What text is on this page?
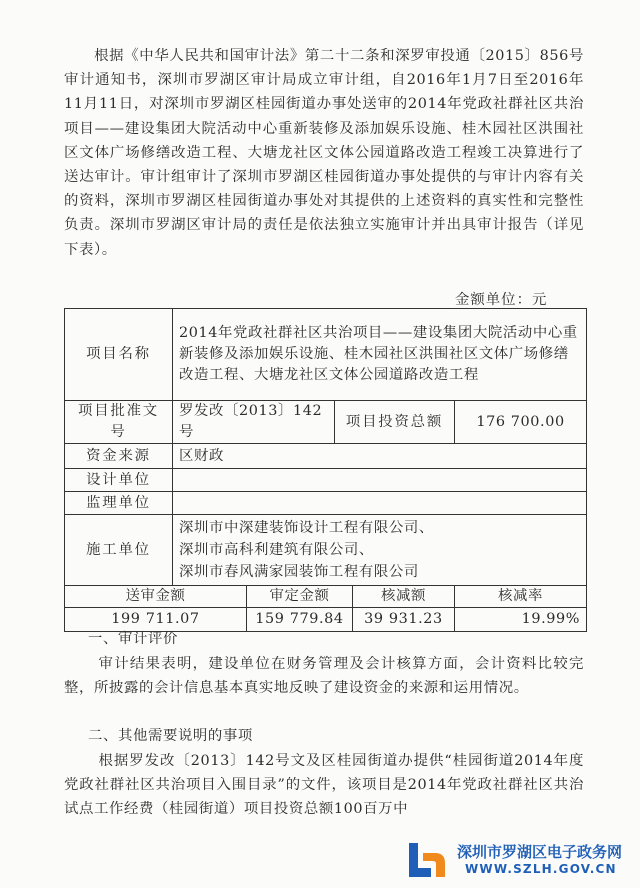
　　根据《中华人民共和国审计法》第二十二条和深罗审投通〔2015〕856号审计通知书，深圳市罗湖区审计局成立审计组，自2016年1月7日至2016年11月11日，对深圳市罗湖区桂园街道办事处送审的2014年党政社群社区共治项目——建设集团大院活动中心重新装修及添加娱乐设施、桂木园社区洪围社区文体广场修缮改造工程、大塘龙社区文体公园道路改造工程竣工决算进行了送达审计。审计组审计了深圳市罗湖区桂园街道办事处提供的与审计内容有关的资料，深圳市罗湖区桂园街道办事处对其提供的上述资料的真实性和完整性负责。深圳市罗湖区审计局的责任是依法独立实施审计并出具审计报告（详见下表）。
金额单位：元
项目名称	2014年党政社群社区共治项目——建设集团大院活动中心重新装修及添加娱乐设施、桂木园社区洪围社区文体广场修缮改造工程、大塘龙社区文体公园道路改造工程				
项目批准文号	罗发改〔2013〕142号		项目投资总额		176 700.00
资金来源	区财政				
设计单位					
监理单位					
施工单位	深圳市中深建装饰设计工程有限公司、
深圳市高科利建筑有限公司、
深圳市春风满家园装饰工程有限公司				

送审金额		审定金额		核减额	核减率
199 711.07		159 779.84		39 931.23	19.99%
一、审计评价
审计结果表明，建设单位在财务管理及会计核算方面，会计资料比较完整，所披露的会计信息基本真实地反映了建设资金的来源和运用情况。
二、其他需要说明的事项
根据罗发改〔2013〕142号文及区桂园街道办提供“桂园街道2014年度党政社群社区共治项目入围目录”的文件，该项目是2014年党政社群社区共治试点工作经费（桂园街道）项目投资总额100百万中
深圳市罗湖区电子政务网
WWW.SZLH.GOV.CN
